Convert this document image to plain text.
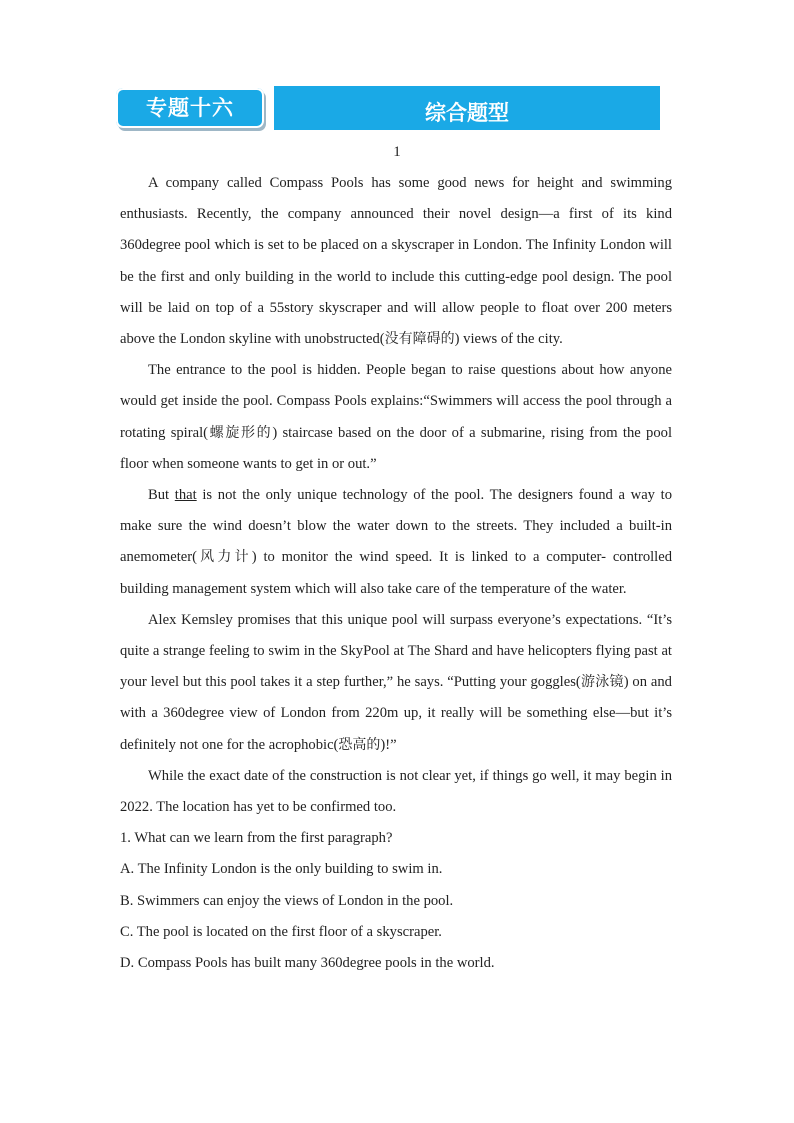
专题十六	综合题型
1

A company called Compass Pools has some good news for height and swimming enthusiasts. Recently, the company announced their novel design—a first of its kind 360degree pool which is set to be placed on a skyscraper in London. The Infinity London will be the first and only building in the world to include this cutting-edge pool design. The pool will be laid on top of a 55story skyscraper and will allow people to float over 200 meters above the London skyline with unobstructed(没有障碍的) views of the city.

The entrance to the pool is hidden. People began to raise questions about how anyone would get inside the pool. Compass Pools explains:“Swimmers will access the pool through a rotating spiral(螺旋形的) staircase based on the door of a submarine, rising from the pool floor when someone wants to get in or out.”

But that is not the only unique technology of the pool. The designers found a way to make sure the wind doesn’t blow the water down to the streets. They included a built-in anemometer(风力计) to monitor the wind speed. It is linked to a computer- controlled building management system which will also take care of the temperature of the water.

Alex Kemsley promises that this unique pool will surpass everyone’s expectations. “It’s quite a strange feeling to swim in the SkyPool at The Shard and have helicopters flying past at your level but this pool takes it a step further,” he says. “Putting your goggles(游泳镜) on and with a 360degree view of London from 220m up, it really will be something else—but it’s definitely not one for the acrophobic(恐高的)!”

While the exact date of the construction is not clear yet, if things go well, it may begin in 2022. The location has yet to be confirmed too.

1. What can we learn from the first paragraph?

A. The Infinity London is the only building to swim in.

B. Swimmers can enjoy the views of London in the pool.

C. The pool is located on the first floor of a skyscraper.

D. Compass Pools has built many 360degree pools in the world.
